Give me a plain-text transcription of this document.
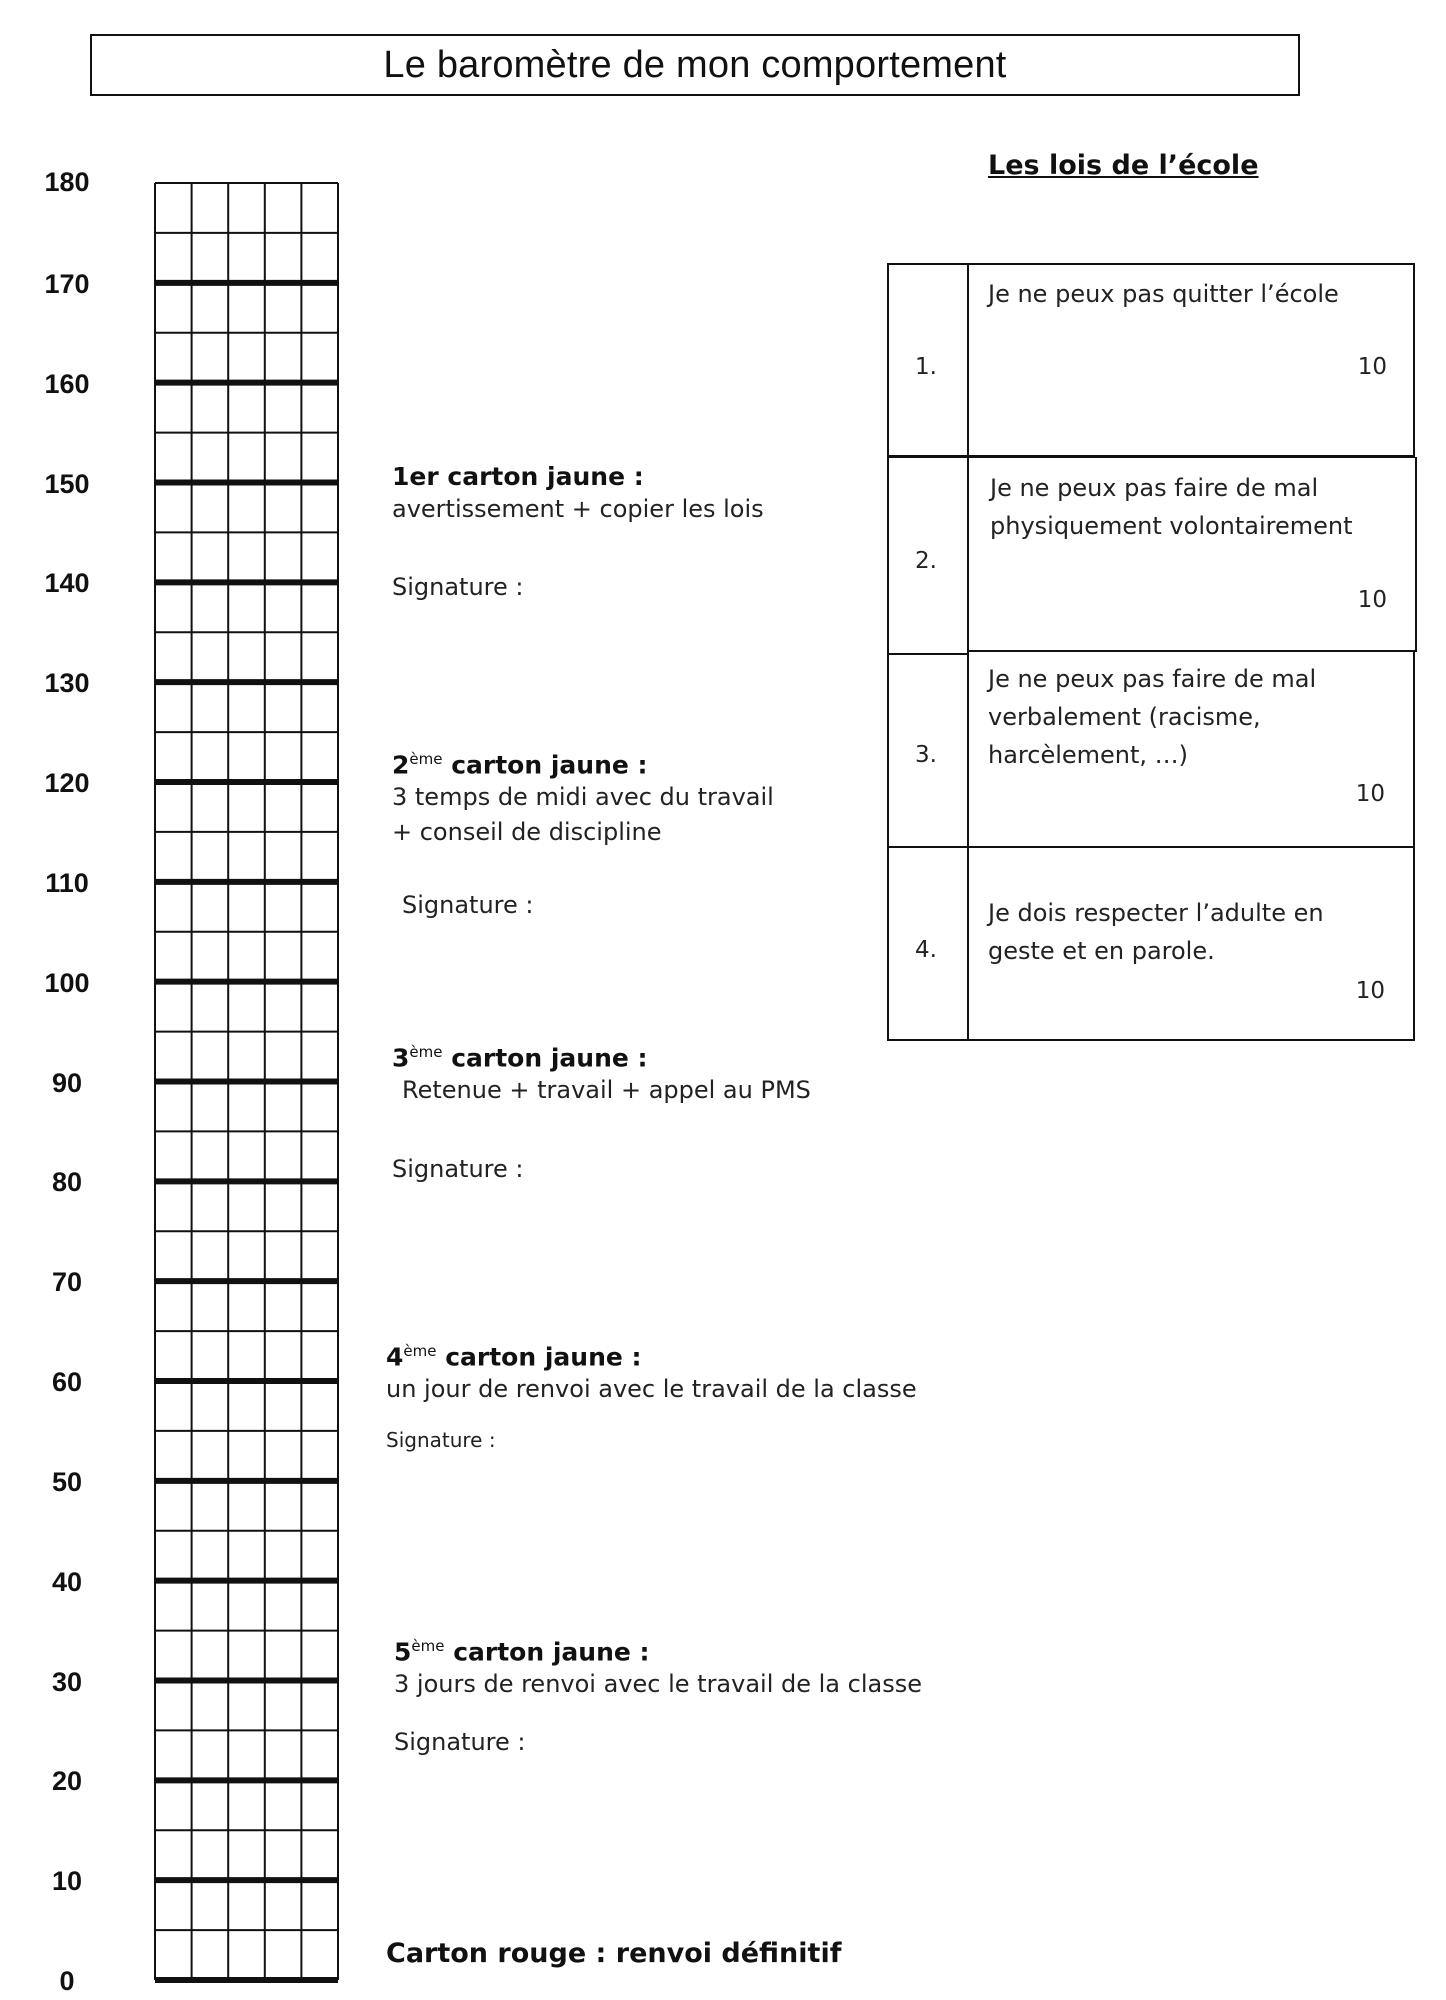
Le baromètre de mon comportement
180
170
160
150
140
130
120
110
100
90
80
70
60
50
40
30
20
10
0
1er carton jaune :
avertissement + copier les lois
Signature :
2ème carton jaune :
3 temps de midi avec du travail
+ conseil de discipline
Signature :
3ème carton jaune :
Retenue + travail + appel au PMS
Signature :
4ème carton jaune :
un jour de renvoi avec le travail de la classe
Signature :
5ème carton jaune :
3 jours de renvoi avec le travail de la classe
Signature :
Carton rouge : renvoi définitif
Les lois de l’école
1.
Je ne peux pas quitter l’école
10
2.
Je ne peux pas faire de mal
physiquement volontairement
10
3.
Je ne peux pas faire de mal
verbalement (racisme,
harcèlement, …)
10
4.
Je dois respecter l’adulte en
geste et en parole.
10
